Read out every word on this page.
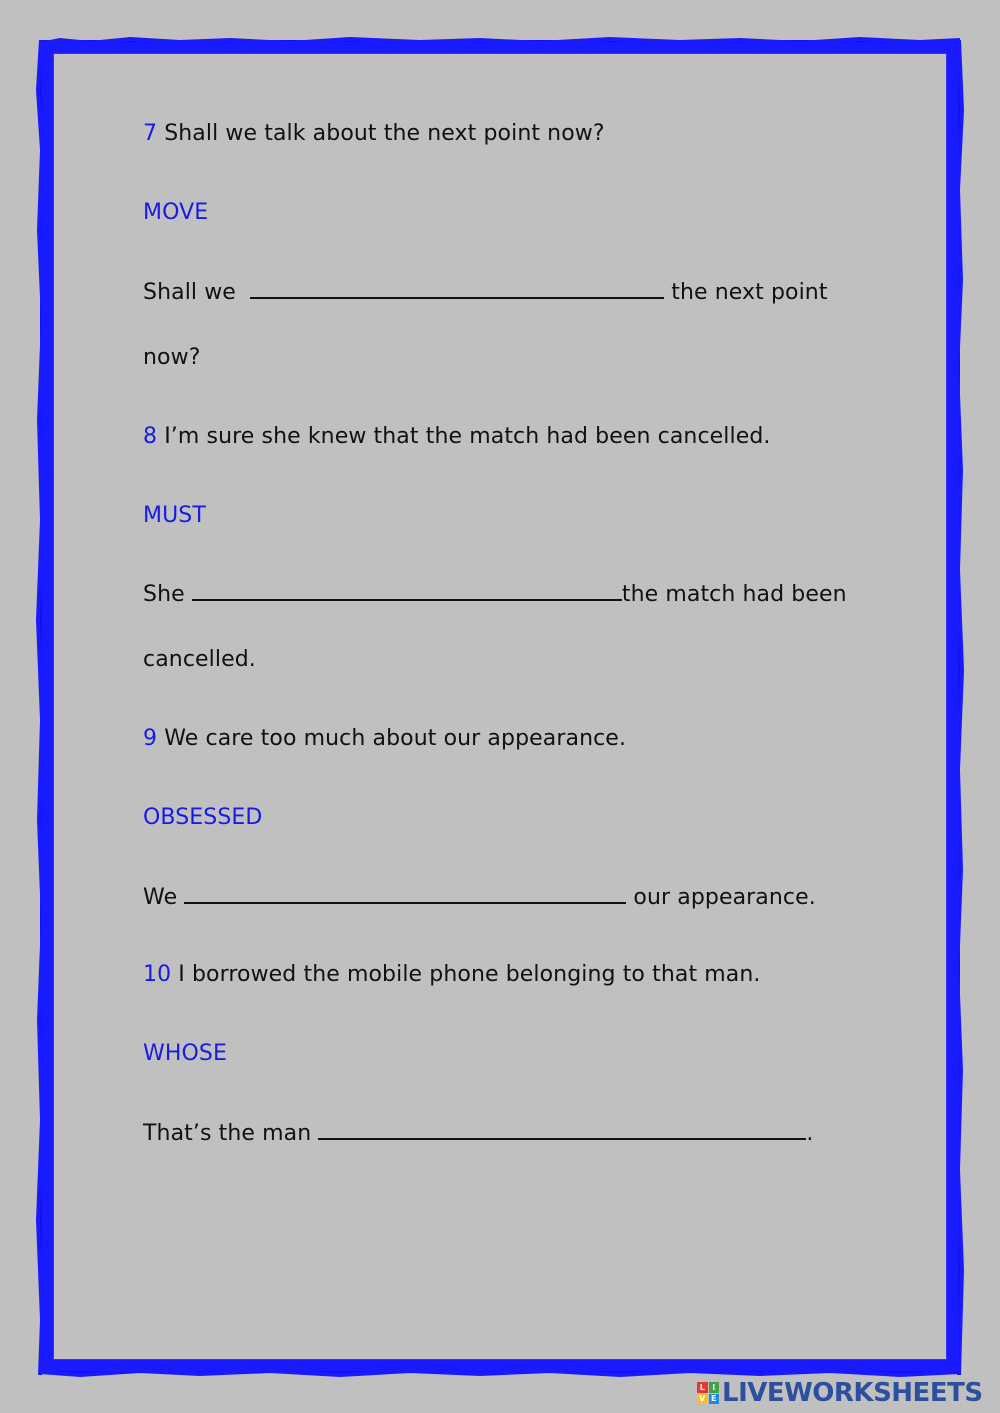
7 Shall we talk about the next point now?
MOVE
Shall we	the next point
now?
8 I’m sure she knew that the match had been cancelled.
MUST
She	the match had been
cancelled.
9 We care too much about our appearance.
OBSESSED
We	our appearance.
10 I borrowed the mobile phone belonging to that man.
WHOSE
That’s the man	.
L I
V E LIVEWORKSHEETS
